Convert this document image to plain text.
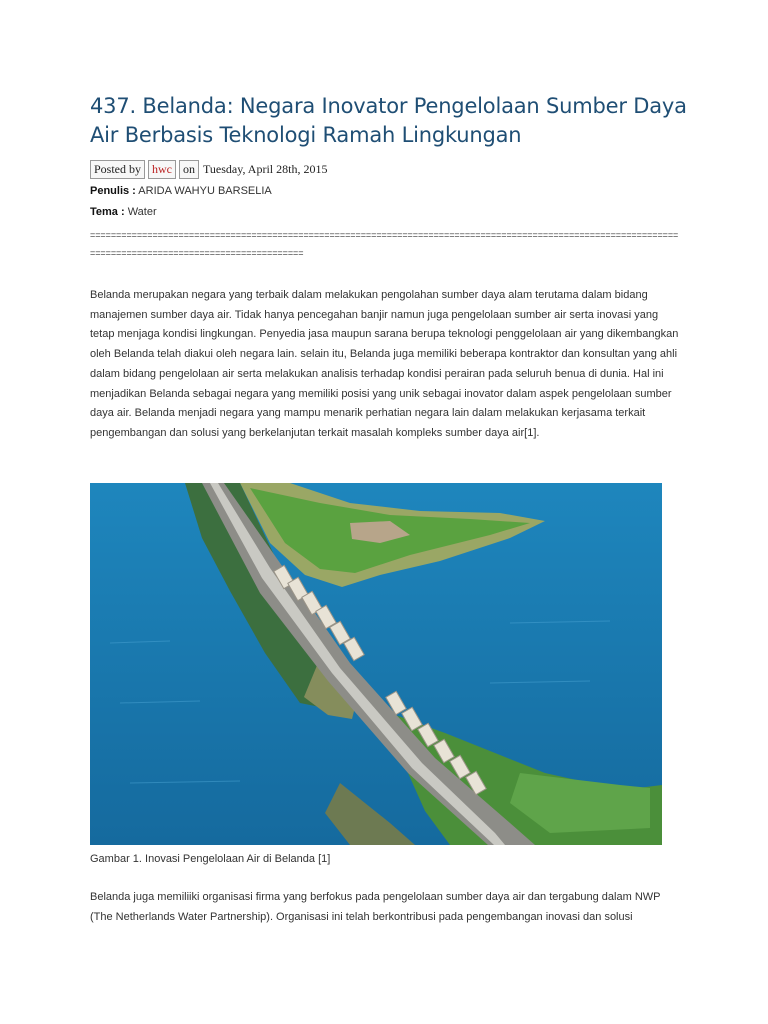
437. Belanda: Negara Inovator Pengelolaan Sumber Daya Air Berbasis Teknologi Ramah Lingkungan
Posted by hwc on Tuesday, April 28th, 2015
Penulis : ARIDA WAHYU BARSELIA
Tema : Water

==========================================================================================================================================================

Belanda merupakan negara yang terbaik dalam melakukan pengolahan sumber daya alam terutama dalam bidang manajemen sumber daya air. Tidak hanya pencegahan banjir namun juga pengelolaan sumber air serta inovasi yang tetap menjaga kondisi lingkungan. Penyedia jasa maupun sarana berupa teknologi penggelolaan air yang dikembangkan oleh Belanda telah diakui oleh negara lain. selain itu, Belanda juga memiliki beberapa kontraktor dan konsultan yang ahli dalam bidang pengelolaan air serta melakukan analisis terhadap kondisi perairan pada seluruh benua di dunia. Hal ini menjadikan Belanda sebagai negara yang memiliki posisi yang unik sebagai inovator dalam aspek pengelolaan sumber daya air. Belanda menjadi negara yang mampu menarik perhatian negara lain dalam melakukan kerjasama terkait pengembangan dan solusi yang berkelanjutan terkait masalah kompleks sumber daya air[1].

Gambar 1. Inovasi Pengelolaan Air di Belanda [1]

Belanda juga memiliiki organisasi firma yang berfokus pada pengelolaan sumber daya air dan tergabung dalam NWP (The Netherlands Water Partnership). Organisasi ini telah berkontribusi pada pengembangan inovasi dan solusi
